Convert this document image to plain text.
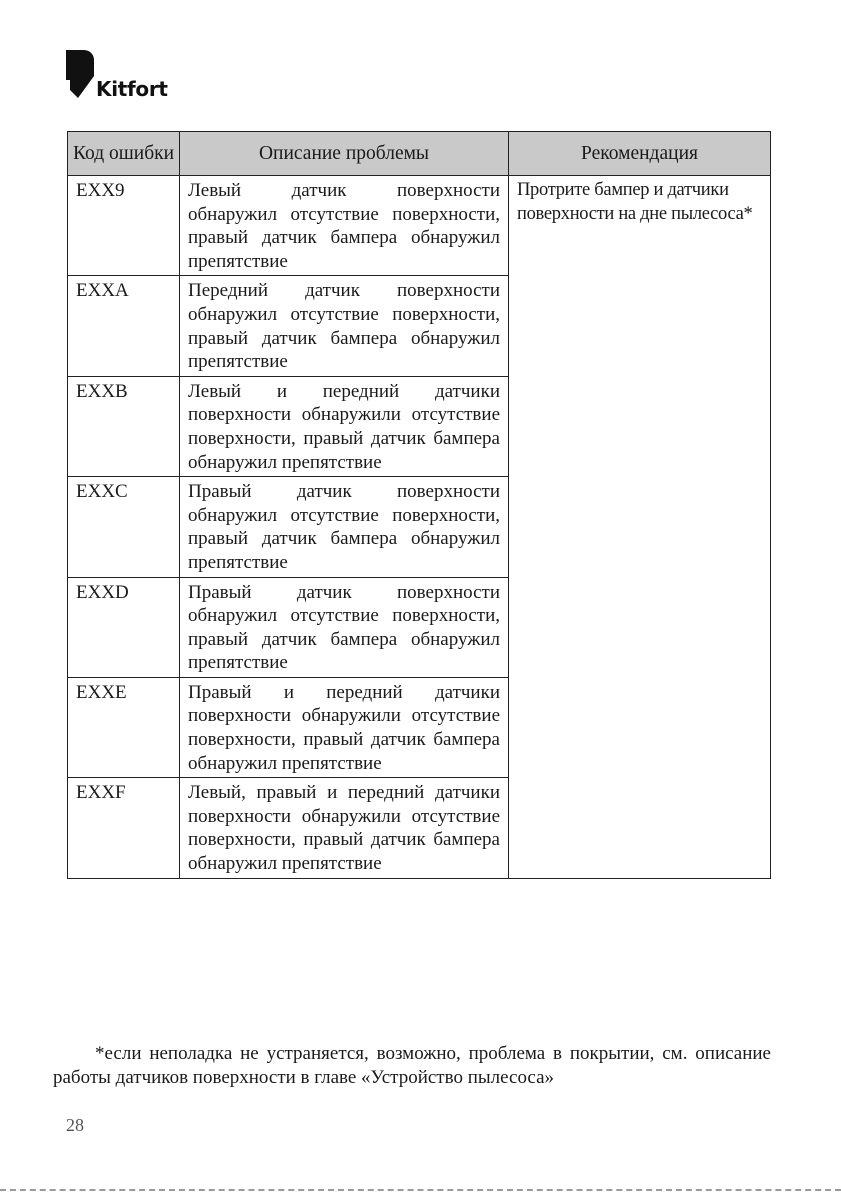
Kitfort
Код ошибки	Описание проблемы	Рекомендация
EXX9	Левый датчик поверхности обнаружил отсутствие поверхности, правый датчик бампера обнаружил препятствие	Протрите бампер и датчики поверхности на дне пылесоса*
EXXA	Передний датчик поверхности обнаружил отсутствие поверхности, правый датчик бампера обнаружил препятствие	
EXXB	Левый и передний датчики поверхности обнаружили отсутствие поверхности, правый датчик бампера обнаружил препятствие	
EXXC	Правый датчик поверхности обнаружил отсутствие поверхности, правый датчик бампера обнаружил препятствие	
EXXD	Правый датчик поверхности обнаружил отсутствие поверхности, правый датчик бампера обнаружил препятствие	
EXXE	Правый и передний датчики поверхности обнаружили отсутствие поверхности, правый датчик бампера обнаружил препятствие	
EXXF	Левый, правый и передний датчики поверхности обнаружили отсутствие поверхности, правый датчик бампера обнаружил препятствие	

*если неполадка не устраняется, возможно, проблема в покрытии, см. описание работы датчиков поверхности в главе «Устройство пылесоса»

28
